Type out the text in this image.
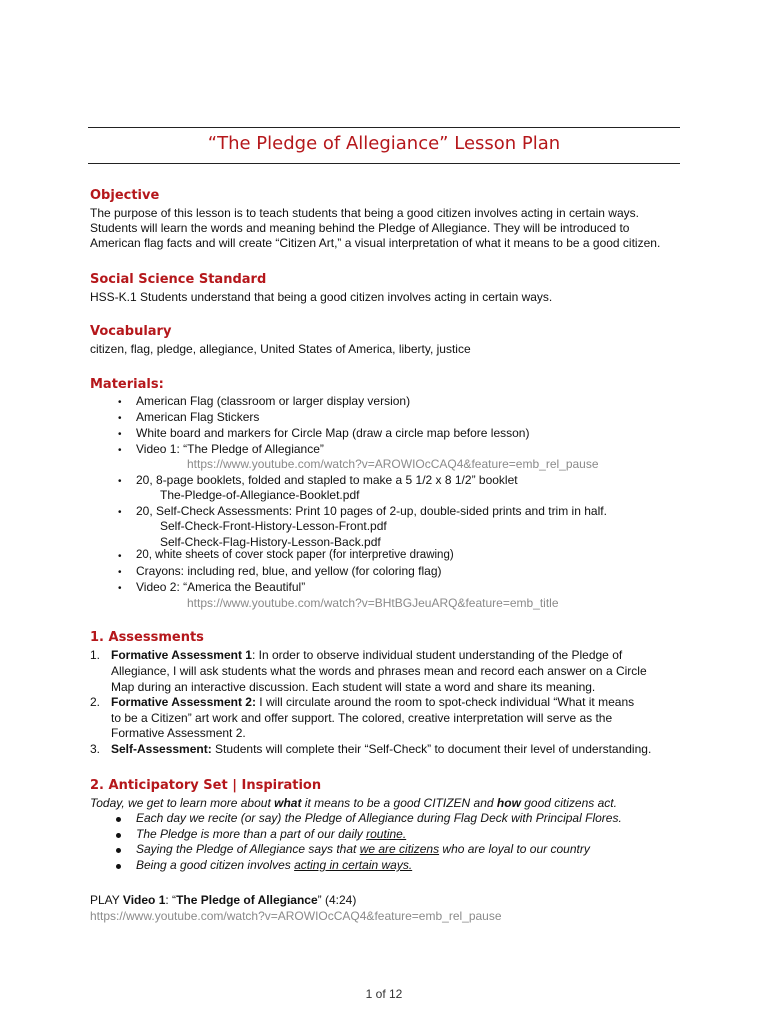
“The Pledge of Allegiance” Lesson Plan
Objective
The purpose of this lesson is to teach students that being a good citizen involves acting in certain ways.
Students will learn the words and meaning behind the Pledge of Allegiance. They will be introduced to
American flag facts and will create “Citizen Art,” a visual interpretation of what it means to be a good citizen.
Social Science Standard
HSS-K.1 Students understand that being a good citizen involves acting in certain ways.
Vocabulary
citizen, flag, pledge, allegiance, United States of America, liberty, justice
Materials:
• American Flag (classroom or larger display version)
• American Flag Stickers
• White board and markers for Circle Map (draw a circle map before lesson)
• Video 1: “The Pledge of Allegiance”
https://www.youtube.com/watch?v=AROWIOcCAQ4&feature=emb_rel_pause
• 20, 8-page booklets, folded and stapled to make a 5 1/2 x 8 1/2” booklet
The-Pledge-of-Allegiance-Booklet.pdf
• 20, Self-Check Assessments: Print 10 pages of 2-up, double-sided prints and trim in half.
Self-Check-Front-History-Lesson-Front.pdf
Self-Check-Flag-History-Lesson-Back.pdf
• 20, white sheets of cover stock paper (for interpretive drawing)
• Crayons: including red, blue, and yellow (for coloring flag)
• Video 2: “America the Beautiful”
https://www.youtube.com/watch?v=BHtBGJeuARQ&feature=emb_title
1. Assessments
1. Formative Assessment 1: In order to observe individual student understanding of the Pledge of
Allegiance, I will ask students what the words and phrases mean and record each answer on a Circle
Map during an interactive discussion. Each student will state a word and share its meaning.
2. Formative Assessment 2: I will circulate around the room to spot-check individual “What it means
to be a Citizen” art work and offer support. The colored, creative interpretation will serve as the
Formative Assessment 2.
3. Self-Assessment: Students will complete their “Self-Check” to document their level of understanding.
2. Anticipatory Set | Inspiration
Today, we get to learn more about what it means to be a good CITIZEN and how good citizens act.
Each day we recite (or say) the Pledge of Allegiance during Flag Deck with Principal Flores.
The Pledge is more than a part of our daily routine.
Saying the Pledge of Allegiance says that we are citizens who are loyal to our country
Being a good citizen involves acting in certain ways.
PLAY Video 1: “The Pledge of Allegiance” (4:24)
https://www.youtube.com/watch?v=AROWIOcCAQ4&feature=emb_rel_pause
1 of 12
